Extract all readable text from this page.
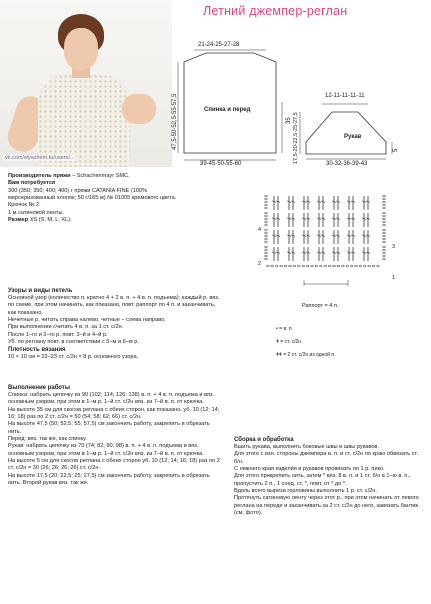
vk.com/wyazhem.tu/users/...
Летний джемпер-реглан
21-24-25-27-28
47,5-50-52,5-55-57,5	Спинка и перед
35
39-45-50-55-60
12-11-11-11-11
Рукав
17,5-20-22,5-25-27,5	5
30-32-36-39-43
4
2
3
1
Раппорт = 4 п.
• = в. п.
ǂ = ст. с/2н
ǂǂ = 2 ст. с/2н из одной п.

Производитель пряжи – Schachenmayr SMC.

Вам потребуется

300 (350; 350; 400; 400) г пряжи CATANIA FINE (100% мерсеризованный хлопок; 50 г/165 м) № 01005 кремового цвета.

Крючок № 2.

1 м сатиновой ленты.

Размер XS (S; M; L; XL).

Узоры и виды петель

Основной узор (количество п. кратно 4 + 2 в. п. + 4 в. п. подъема): каждый р. вяз. по схеме, при этом начинать, как показано, повт. раппорт по 4 п. и заканчивать, как показано.

Нечетные р. читать справа налево, четные – слева направо.

При выполнении считать 4 в. п. за 1 ст. с/2н.

После 1–го и 2–го р. повт. 3–й и 4–й р.

Уб. по реглану повт. в соответствии с 5–м и 6–м р.

Плотность вязания

10 × 10 см = 22–23 ст. с/2н × 8 р. основного узора.

Выполнение работы

Спинка: набрать цепочку из 90 (102; 114; 126; 138) в. п. + 4 в. п. подъема и вяз. основным узором, при этом в 1–м р. 1–й ст. с/2н вяз. из 7–й в. п. от крючка.

На высоте 35 см для скосов реглана с обеих сторон, как показано, уб. 10 (12; 14; 16; 18) раз по 2 ст. с/2н = 50 (54; 58; 62; 66) ст. с/2н.

На высоте 47,5 (50; 52,5; 55; 57,5) см закончить работу, закрепить и обрезать нить.

Перед: вяз. так же, как спинку.

Рукав: набрать цепочку из 70 (74; 82; 90; 98) в. п. + 4 в. п. подъема и вяз. основным узором, при этом в 1–м р. 1–й ст. с/2н вяз. из 7–й в. п. от крючка.

На высоте 5 см для скосов реглана с обеих сторон уб. 10 (12; 14; 16; 18) раз по 2 ст. с/2н = 30 (26; 26; 26; 26) ст. с/2н.

На высоте 17,5 (20; 22,5; 25; 27,5) см закончить работу, закрепить и обрезать нить. Второй рукав вяз. так же.

Сборка и обработка

Вшить рукава, выполнить боковые швы и швы рукавов.

Для этого с изн. стороны джемпера в. п. и ст. с/2н по краю обвязать ст. б/н.

С нижнего края изделия и рукавов провязать по 1 р. пико.

Для этого прикрепить нить, затем * вяз. 8 в. п. и 1 ст. б/н в 1–ю в. п., пропустить 2 п., 1 соед. ст. *, повт. от * до *.

Вдоль всего выреза горловины выполнить 1 р. ст. с/2н.

Протянуть сатиновую ленту через этот р., при этом начинать от левого реглана на переде и заканчивать за 2 ст. с/2н до него, завязать бантик (см. фото).
